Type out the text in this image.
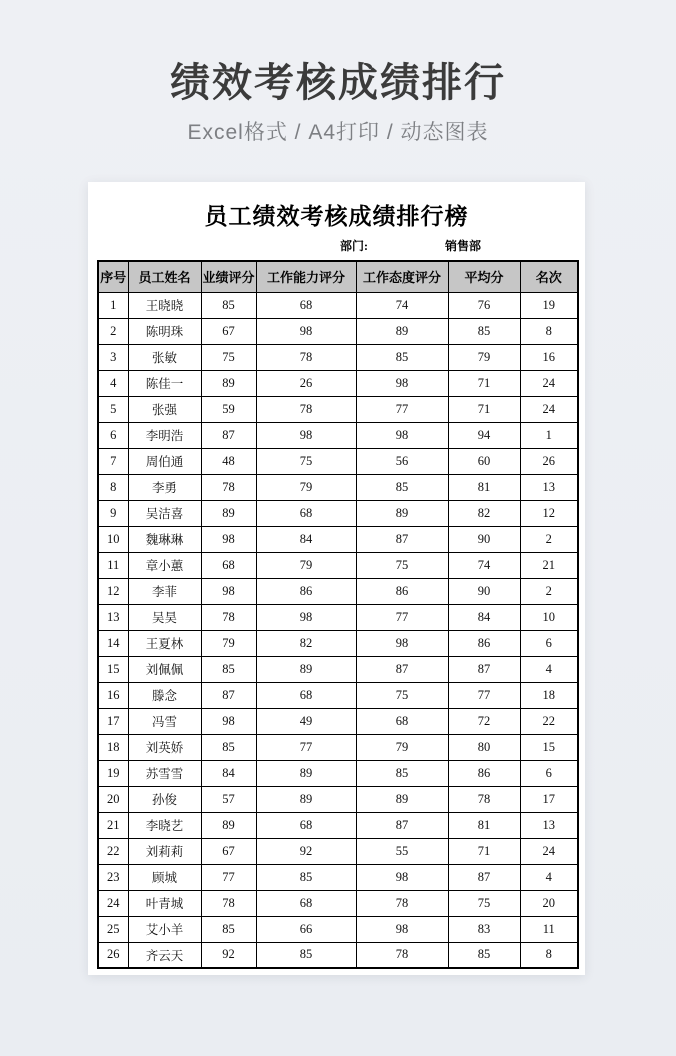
绩效考核成绩排行
Excel格式 / A4打印 / 动态图表
员工绩效考核成绩排行榜
部门:	销售部
序号	员工姓名	业绩评分	工作能力评分	工作态度评分	平均分	名次
1	王晓晓	85	68	74	76	19
2	陈明珠	67	98	89	85	8
3	张敏	75	78	85	79	16
4	陈佳一	89	26	98	71	24
5	张强	59	78	77	71	24
6	李明浩	87	98	98	94	1
7	周伯通	48	75	56	60	26
8	李勇	78	79	85	81	13
9	吴洁喜	89	68	89	82	12
10	魏琳琳	98	84	87	90	2
11	章小蕙	68	79	75	74	21
12	李菲	98	86	86	90	2
13	吴昊	78	98	77	84	10
14	王夏林	79	82	98	86	6
15	刘佩佩	85	89	87	87	4
16	滕念	87	68	75	77	18
17	冯雪	98	49	68	72	22
18	刘英娇	85	77	79	80	15
19	苏雪雪	84	89	85	86	6
20	孙俊	57	89	89	78	17
21	李晓艺	89	68	87	81	13
22	刘莉莉	67	92	55	71	24
23	顾城	77	85	98	87	4
24	叶青城	78	68	78	75	20
25	艾小羊	85	66	98	83	11
26	齐云天	92	85	78	85	8
